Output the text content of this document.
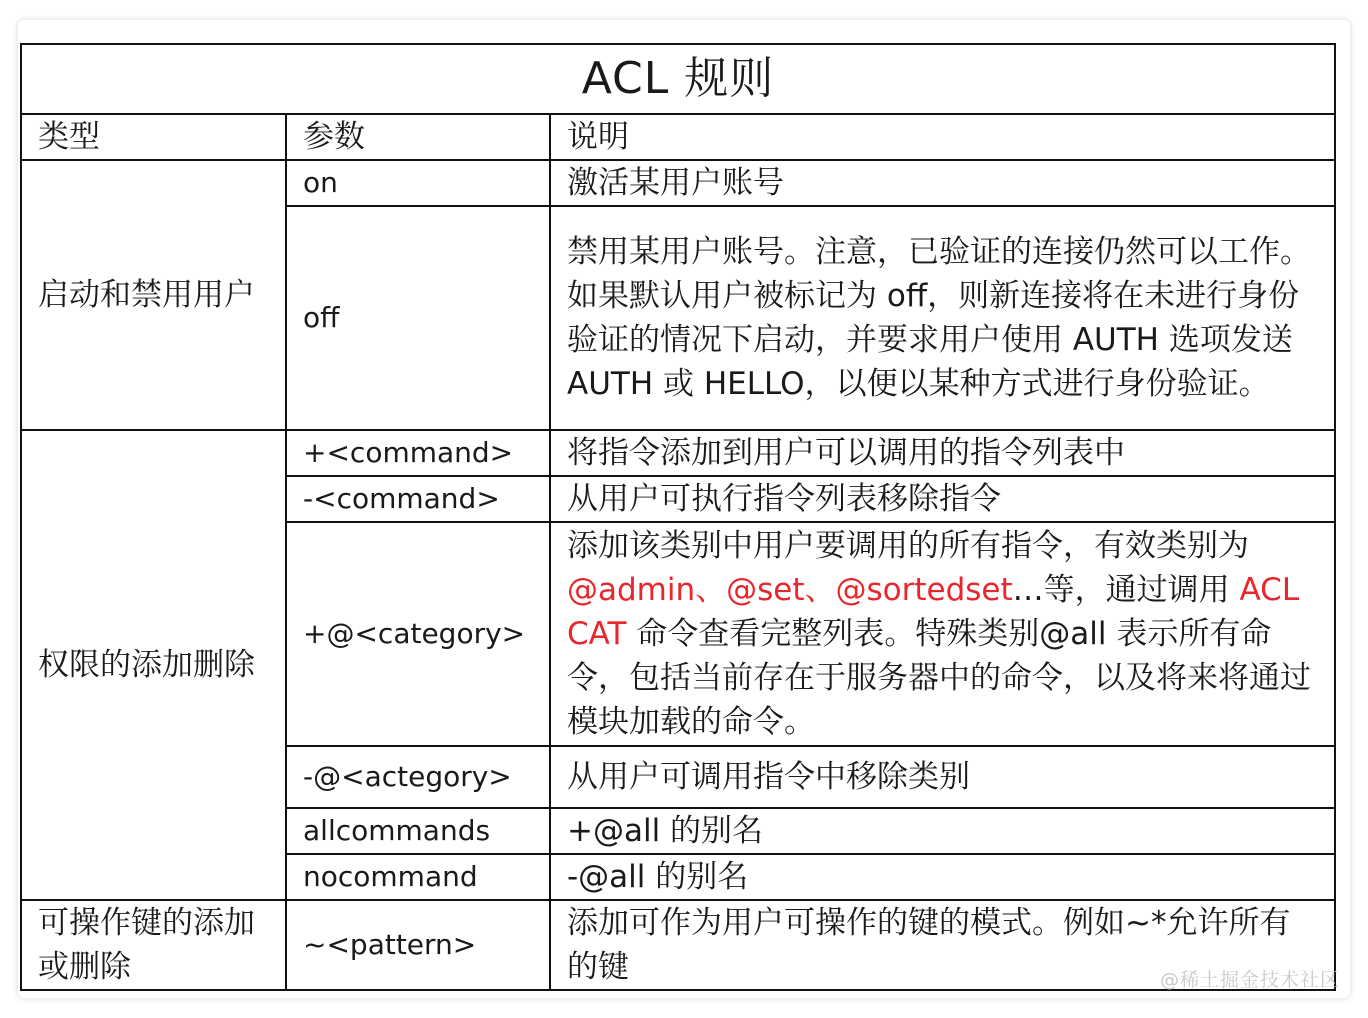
ACL 规则		
类型	参数	说明
启动和禁用用户	on	激活某用户账号
	off	禁用某用户账号。注意，已验证的连接仍然可以工作。如果默认用户被标记为 off，则新连接将在未进行身份验证的情况下启动，并要求用户使用 AUTH 选项发送 AUTH 或 HELLO，以便以某种方式进行身份验证。
权限的添加删除	+<command>	将指令添加到用户可以调用的指令列表中
	-<command>	从用户可执行指令列表移除指令
	+@<category>	添加该类别中用户要调用的所有指令，有效类别为@admin、@set、@sortedset…等，通过调用 ACL CAT 命令查看完整列表。特殊类别@all 表示所有命令，包括当前存在于服务器中的命令，以及将来将通过模块加载的命令。
	-@<actegory>	从用户可调用指令中移除类别
	allcommands	+@all 的别名
	nocommand	-@all 的别名
可操作键的添加或删除	~<pattern>	添加可作为用户可操作的键的模式。例如~*允许所有的键	@稀土掘金技术社区
